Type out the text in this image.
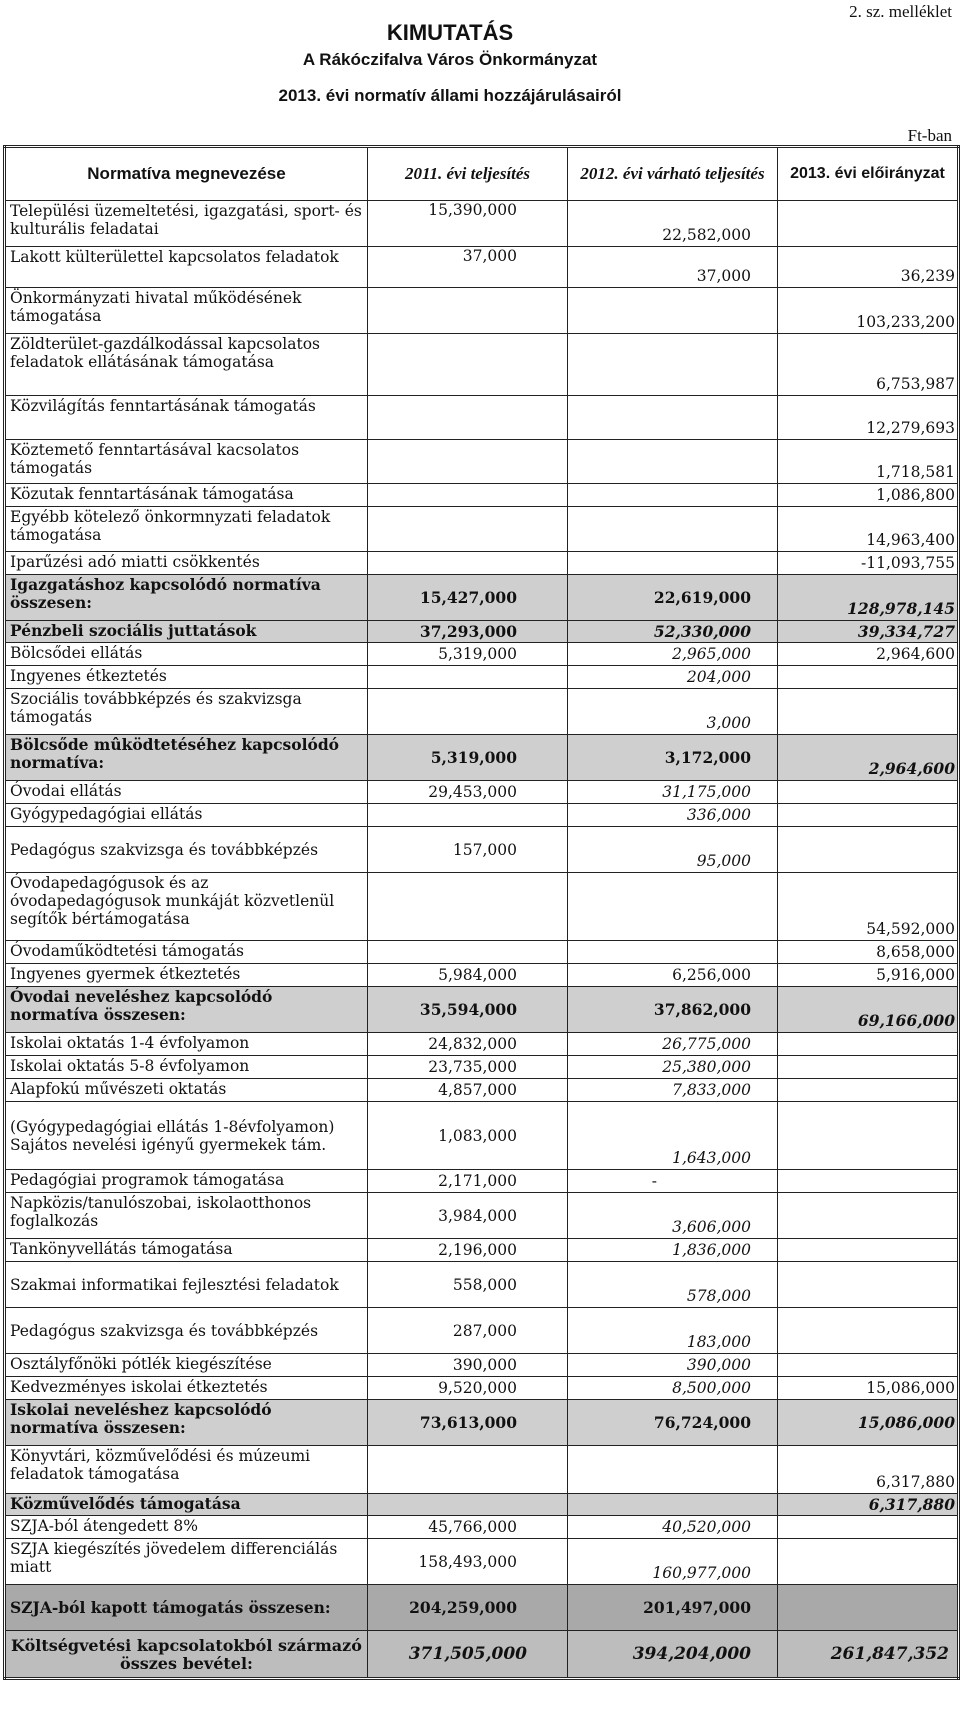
2. sz. melléklet
KIMUTATÁS
A Rákóczifalva Város Önkormányzat
2013. évi normatív állami hozzájárulásairól
Ft-ban
Normatíva megnevezése	2011. évi teljesítés	2012. évi várható teljesítés	2013. évi előirányzat
Települési üzemeltetési, igazgatási, sport- és kulturális feladatai	15,390,000	22,582,000	
Lakott külterülettel kapcsolatos feladatok	37,000	37,000	36,239
Önkormányzati hivatal működésének támogatása			103,233,200
Zöldterület-gazdálkodással kapcsolatos feladatok ellátásának támogatása			6,753,987
Közvilágítás fenntartásának támogatás			12,279,693
Köztemető fenntartásával kacsolatos támogatás			1,718,581
Közutak fenntartásának támogatása			1,086,800
Egyébb kötelező önkormnyzati feladatok támogatása			14,963,400
Iparűzési adó miatti csökkentés			-11,093,755
Igazgatáshoz kapcsolódó normatíva összesen:	15,427,000	22,619,000	128,978,145
Pénzbeli szociális juttatások	37,293,000	52,330,000	39,334,727
Bölcsődei ellátás	5,319,000	2,965,000	2,964,600
Ingyenes étkeztetés		204,000	
Szociális továbbképzés és szakvizsga támogatás		3,000	
Bölcsőde mûködtetéséhez kapcsolódó normatíva:	5,319,000	3,172,000	2,964,600
Óvodai ellátás	29,453,000	31,175,000	
Gyógypedagógiai ellátás		336,000	
Pedagógus szakvizsga és továbbképzés	157,000	95,000	
Óvodapedagógusok és az óvodapedagógusok munkáját közvetlenül segítők bértámogatása			54,592,000
Óvodaműködtetési támogatás			8,658,000
Ingyenes gyermek étkeztetés	5,984,000	6,256,000	5,916,000
Óvodai neveléshez kapcsolódó normatíva összesen:	35,594,000	37,862,000	69,166,000
Iskolai oktatás 1-4 évfolyamon	24,832,000	26,775,000	
Iskolai oktatás 5-8 évfolyamon	23,735,000	25,380,000	
Alapfokú művészeti oktatás	4,857,000	7,833,000	
(Gyógypedagógiai ellátás 1-8évfolyamon) Sajátos nevelési igényű gyermekek tám.	1,083,000	1,643,000	
Pedagógiai programok támogatása	2,171,000	-	
Napközis/tanulószobai, iskolaotthonos foglalkozás	3,984,000	3,606,000	
Tankönyvellátás támogatása	2,196,000	1,836,000	
Szakmai informatikai fejlesztési feladatok	558,000	578,000	
Pedagógus szakvizsga és továbbképzés	287,000	183,000	
Osztályfőnöki pótlék kiegészítése	390,000	390,000	
Kedvezményes iskolai étkeztetés	9,520,000	8,500,000	15,086,000
Iskolai neveléshez kapcsolódó normatíva összesen:	73,613,000	76,724,000	15,086,000
Könyvtári, közművelődési és múzeumi feladatok támogatása			6,317,880
Közművelődés támogatása			6,317,880
SZJA-ból átengedett 8%	45,766,000	40,520,000	
SZJA kiegészítés jövedelem differenciálás miatt	158,493,000	160,977,000	
SZJA-ból kapott támogatás összesen:	204,259,000	201,497,000	
Költségvetési kapcsolatokból származó összes bevétel:	371,505,000	394,204,000	261,847,352
